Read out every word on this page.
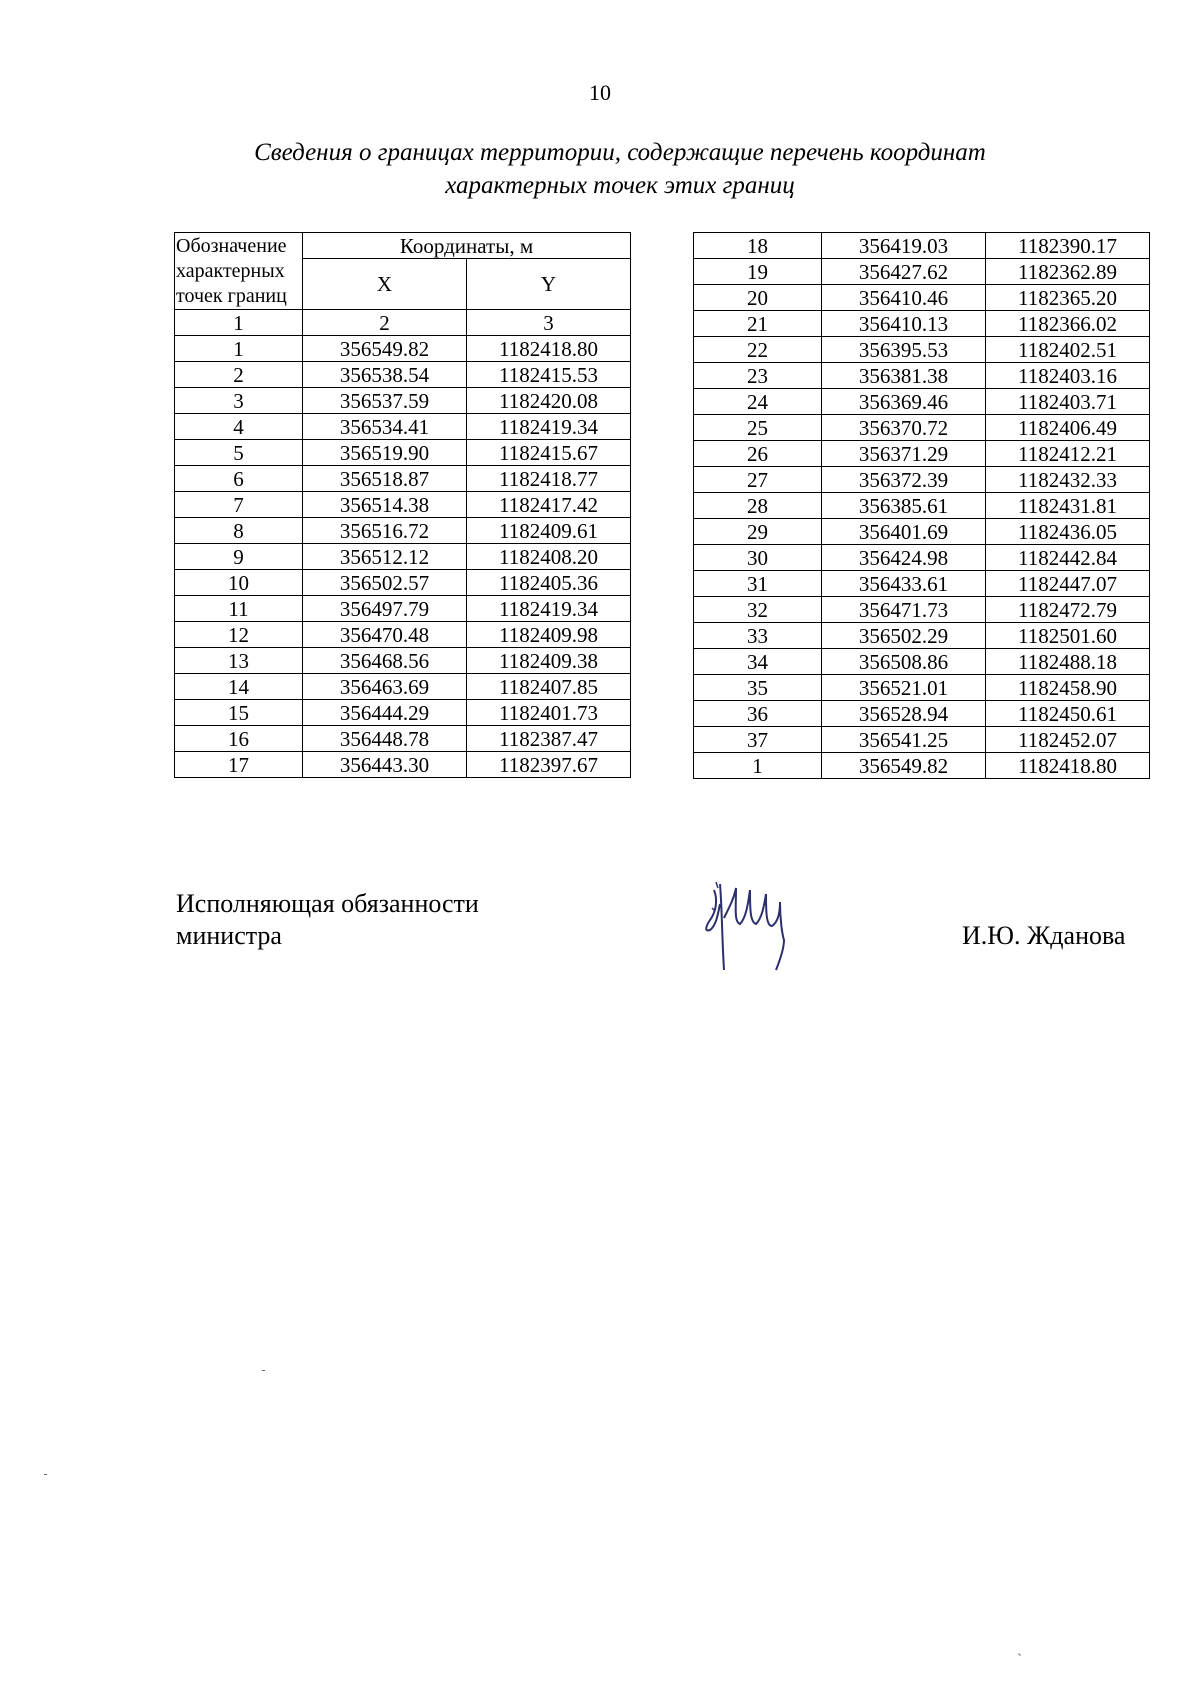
10
Сведения о границах территории, содержащие перечень координат
характерных точек этих границ
Обозначение
характерных
точек границ	Координаты, м	
	X	Y
1	2	3
1	356549.82	1182418.80
2	356538.54	1182415.53
3	356537.59	1182420.08
4	356534.41	1182419.34
5	356519.90	1182415.67
6	356518.87	1182418.77
7	356514.38	1182417.42
8	356516.72	1182409.61
9	356512.12	1182408.20
10	356502.57	1182405.36
11	356497.79	1182419.34
12	356470.48	1182409.98
13	356468.56	1182409.38
14	356463.69	1182407.85
15	356444.29	1182401.73
16	356448.78	1182387.47
17	356443.30	1182397.67
18	356419.03	1182390.17
19	356427.62	1182362.89
20	356410.46	1182365.20
21	356410.13	1182366.02
22	356395.53	1182402.51
23	356381.38	1182403.16
24	356369.46	1182403.71
25	356370.72	1182406.49
26	356371.29	1182412.21
27	356372.39	1182432.33
28	356385.61	1182431.81
29	356401.69	1182436.05
30	356424.98	1182442.84
31	356433.61	1182447.07
32	356471.73	1182472.79
33	356502.29	1182501.60
34	356508.86	1182488.18
35	356521.01	1182458.90
36	356528.94	1182450.61
37	356541.25	1182452.07
1	356549.82	1182418.80
Исполняющая обязанности
министра	И.Ю. Жданова
